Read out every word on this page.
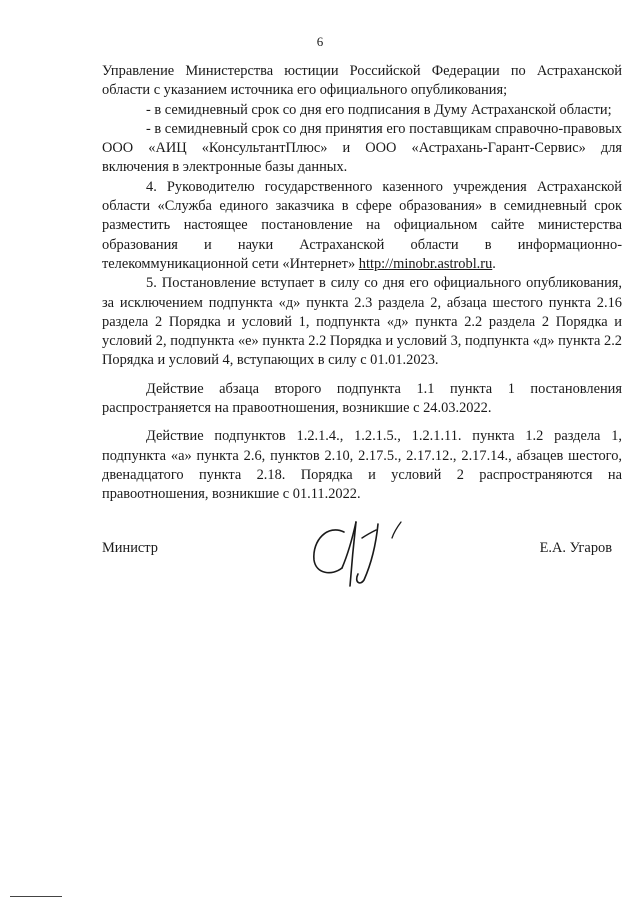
6

Управление Министерства юстиции Российской Федерации по Астраханской области с указанием источника его официального опубликования;

- в семидневный срок со дня его подписания в Думу Астраханской области;

- в семидневный срок со дня принятия его поставщикам справочно-правовых ООО «АИЦ «КонсультантПлюс» и ООО «Астрахань-Гарант-Сервис» для включения в электронные базы данных.

4. Руководителю государственного казенного учреждения Астраханской области «Служба единого заказчика в сфере образования» в семидневный срок разместить настоящее постановление на официальном сайте министерства образования и науки Астраханской области в информационно-телекоммуникационной сети «Интернет» http://minobr.astrobl.ru.

5. Постановление вступает в силу со дня его официального опубликования, за исключением подпункта «д» пункта 2.3 раздела 2, абзаца шестого пункта 2.16 раздела 2 Порядка и условий 1, подпункта «д» пункта 2.2 раздела 2 Порядка и условий 2, подпункта «е» пункта 2.2 Порядка и условий 3, подпункта «д» пункта 2.2 Порядка и условий 4, вступающих в силу с 01.01.2023.

Действие абзаца второго подпункта 1.1 пункта 1 постановления распространяется на правоотношения, возникшие с 24.03.2022.

Действие подпунктов 1.2.1.4., 1.2.1.5., 1.2.1.11. пункта 1.2 раздела 1, подпункта «а» пункта 2.6, пунктов 2.10, 2.17.5., 2.17.12., 2.17.14., абзацев шестого, двенадцатого пункта 2.18. Порядка и условий 2 распространяются на правоотношения, возникшие с 01.11.2022.

Министр	Е.А. Угаров
